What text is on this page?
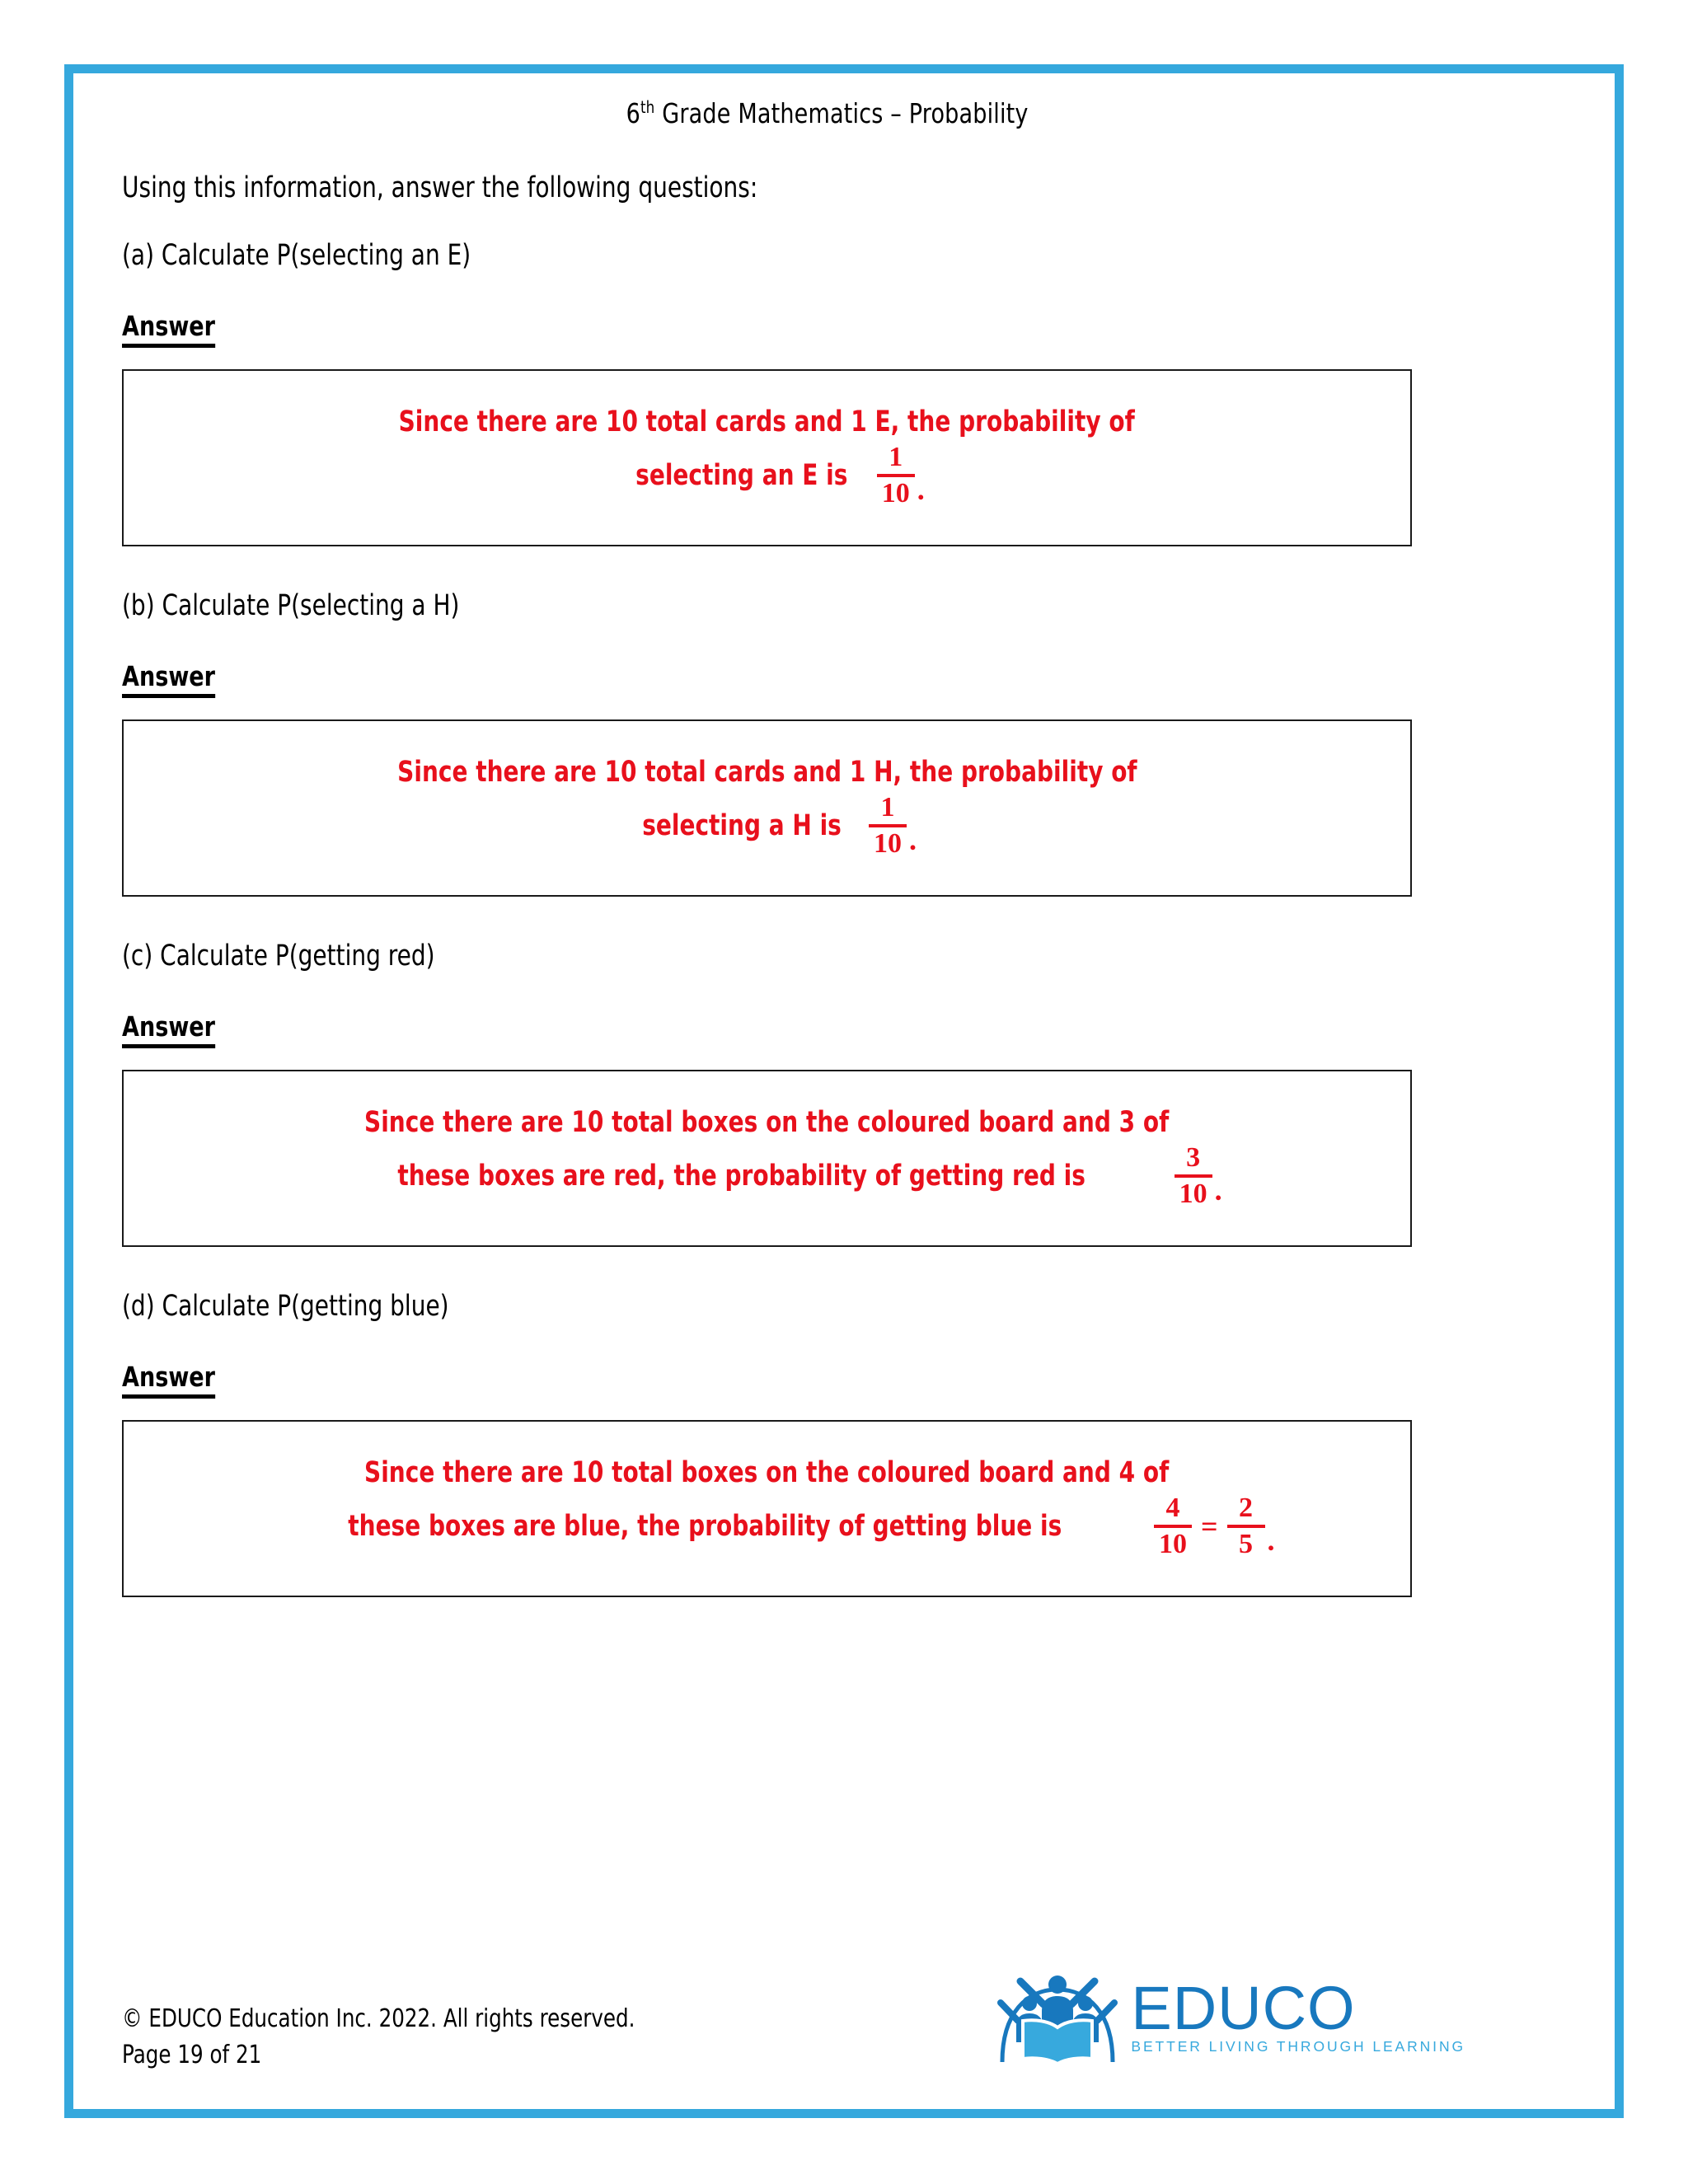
6th Grade Mathematics – Probability
Using this information, answer the following questions:
(a) Calculate P(selecting an E)
Answer
Since there are 10 total cards and 1 E, the probability of
selecting an E is $\frac{1}{10}$ .
(b) Calculate P(selecting a H)
Answer
Since there are 10 total cards and 1 H, the probability of
selecting a H is $\frac{1}{10}$ .
(c) Calculate P(getting red)
Answer
Since there are 10 total boxes on the coloured board and 3 of
these boxes are red, the probability of getting red is	$\frac{3}{10}$ .
(d) Calculate P(getting blue)
Answer
Since there are 10 total boxes on the coloured board and 4 of
these boxes are blue, the probability of getting blue is	$\frac{4}{10} = \frac{2}{5}$ .
© EDUCO Education Inc. 2022. All rights reserved.
Page 19 of 21
EDUCO
BETTER LIVING THROUGH LEARNING
